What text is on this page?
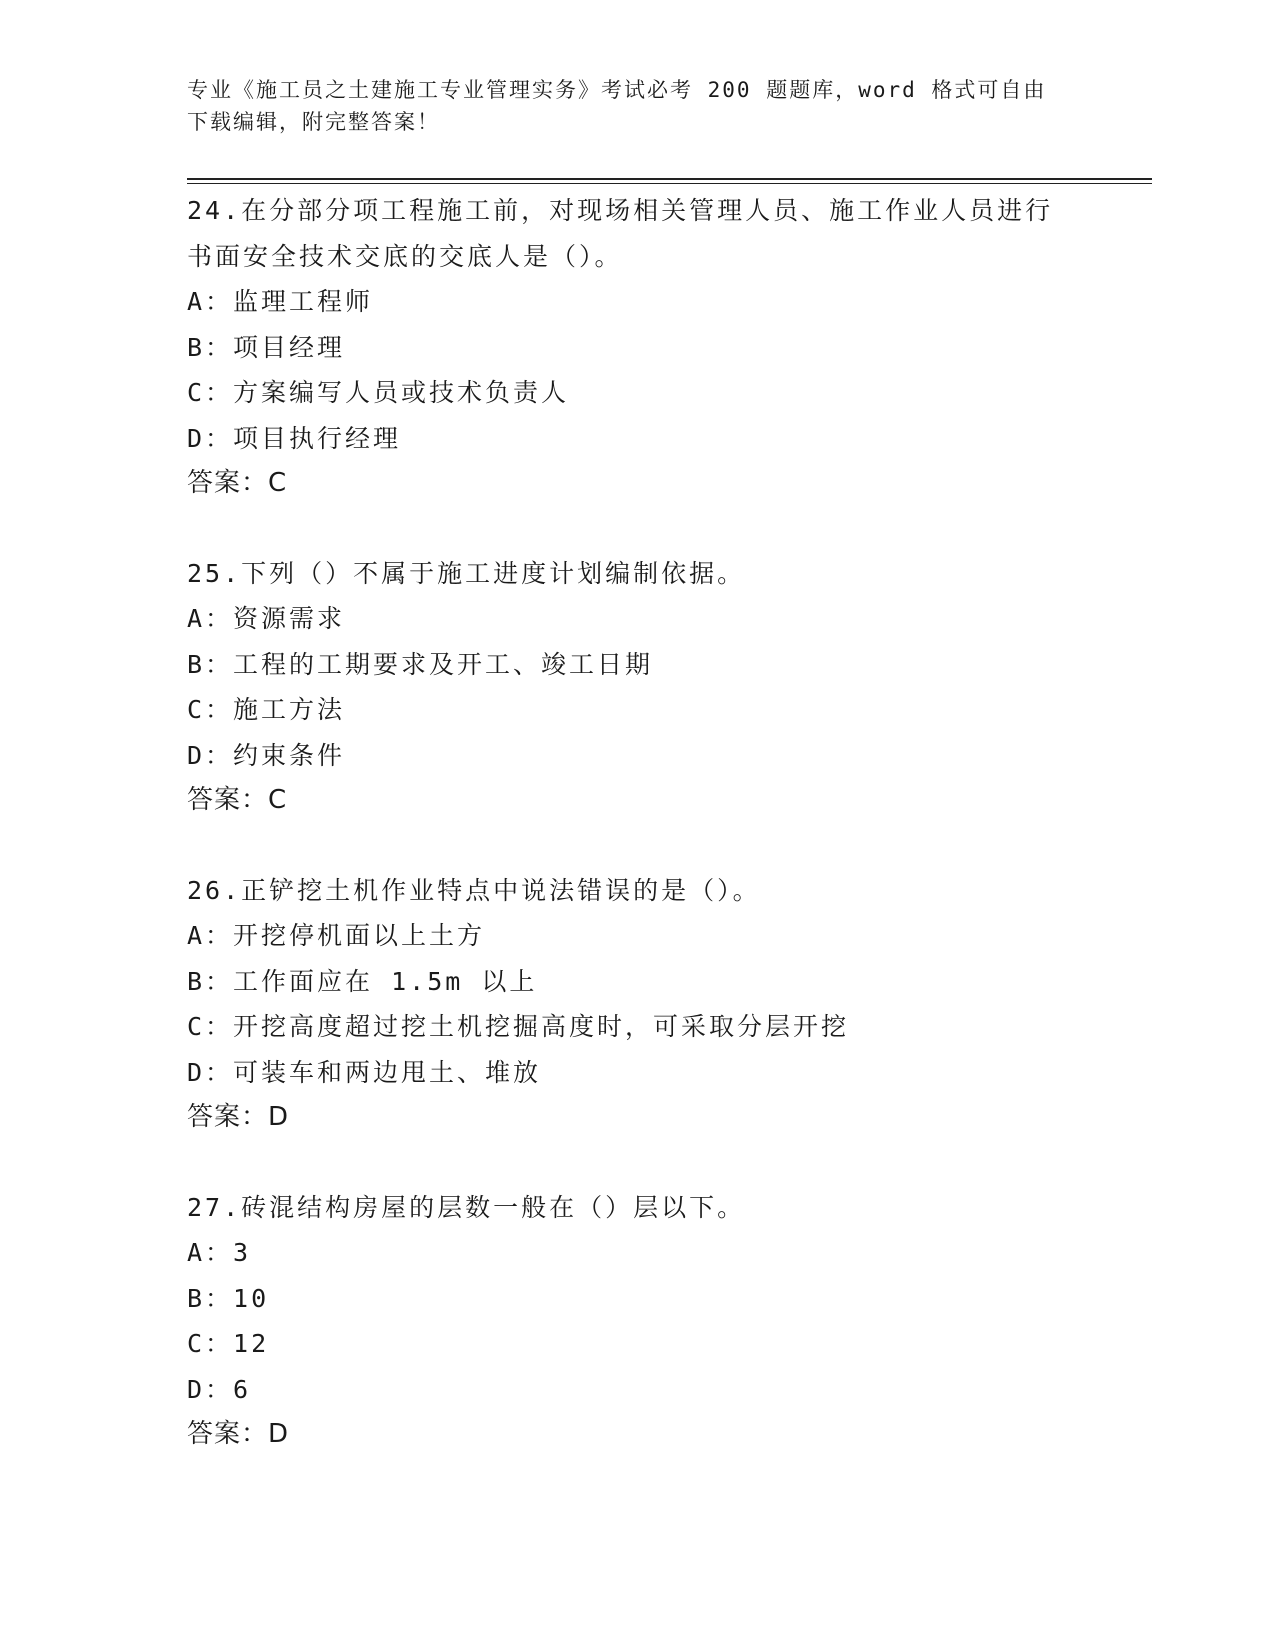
专业《施工员之土建施工专业管理实务》考试必考 200 题题库，word 格式可自由
下载编辑，附完整答案！
24.在分部分项工程施工前，对现场相关管理人员、施工作业人员进行
书面安全技术交底的交底人是（）。
A：监理工程师
B：项目经理
C：方案编写人员或技术负责人
D：项目执行经理
答案：C
25.下列（）不属于施工进度计划编制依据。
A：资源需求
B：工程的工期要求及开工、竣工日期
C：施工方法
D：约束条件
答案：C
26.正铲挖土机作业特点中说法错误的是（）。
A：开挖停机面以上土方
B：工作面应在 1.5m 以上
C：开挖高度超过挖土机挖掘高度时，可采取分层开挖
D：可装车和两边甩土、堆放
答案：D
27.砖混结构房屋的层数一般在（）层以下。
A：3
B：10
C：12
D：6
答案：D
